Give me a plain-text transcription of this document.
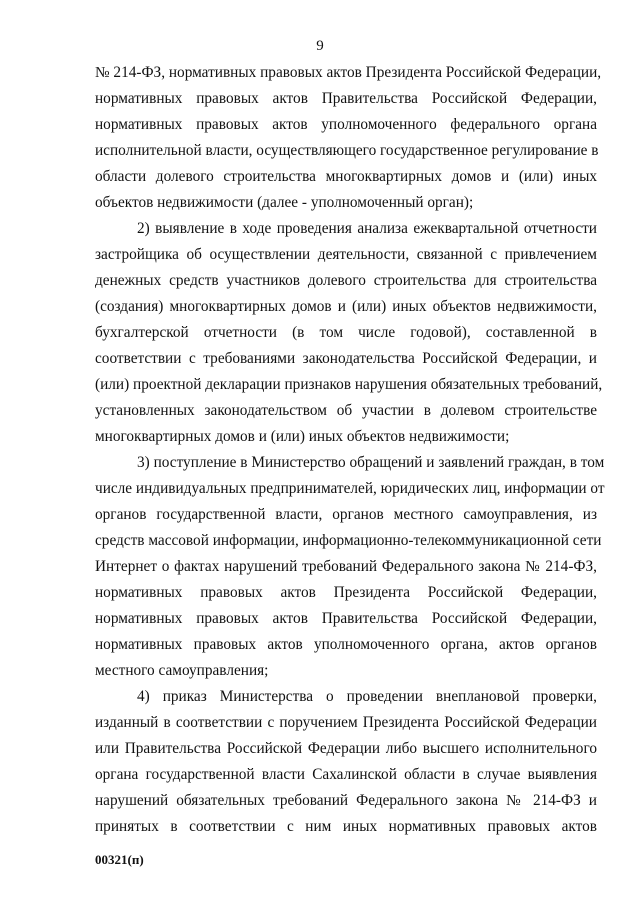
9

№ 214-ФЗ, нормативных правовых актов Президента Российской Федерации,
нормативных правовых актов Правительства Российской Федерации,
нормативных правовых актов уполномоченного федерального органа
исполнительной власти, осуществляющего государственное регулирование в
области долевого строительства многоквартирных домов и (или) иных
объектов недвижимости (далее - уполномоченный орган);

2) выявление в ходе проведения анализа ежеквартальной отчетности
застройщика об осуществлении деятельности, связанной с привлечением
денежных средств участников долевого строительства для строительства
(создания) многоквартирных домов и (или) иных объектов недвижимости,
бухгалтерской отчетности (в том числе годовой), составленной в
соответствии с требованиями законодательства Российской Федерации, и
(или) проектной декларации признаков нарушения обязательных требований,
установленных законодательством об участии в долевом строительстве
многоквартирных домов и (или) иных объектов недвижимости;

3) поступление в Министерство обращений и заявлений граждан, в том
числе индивидуальных предпринимателей, юридических лиц, информации от
органов государственной власти, органов местного самоуправления, из
средств массовой информации, информационно-телекоммуникационной сети
Интернет о фактах нарушений требований Федерального закона № 214-ФЗ,
нормативных правовых актов Президента Российской Федерации,
нормативных правовых актов Правительства Российской Федерации,
нормативных правовых актов уполномоченного органа, актов органов
местного самоуправления;

4) приказ Министерства о проведении внеплановой проверки,
изданный в соответствии с поручением Президента Российской Федерации
или Правительства Российской Федерации либо высшего исполнительного
органа государственной власти Сахалинской области в случае выявления
нарушений обязательных требований Федерального закона № 214-ФЗ и
принятых в соответствии с ним иных нормативных правовых актов

00321(п)
